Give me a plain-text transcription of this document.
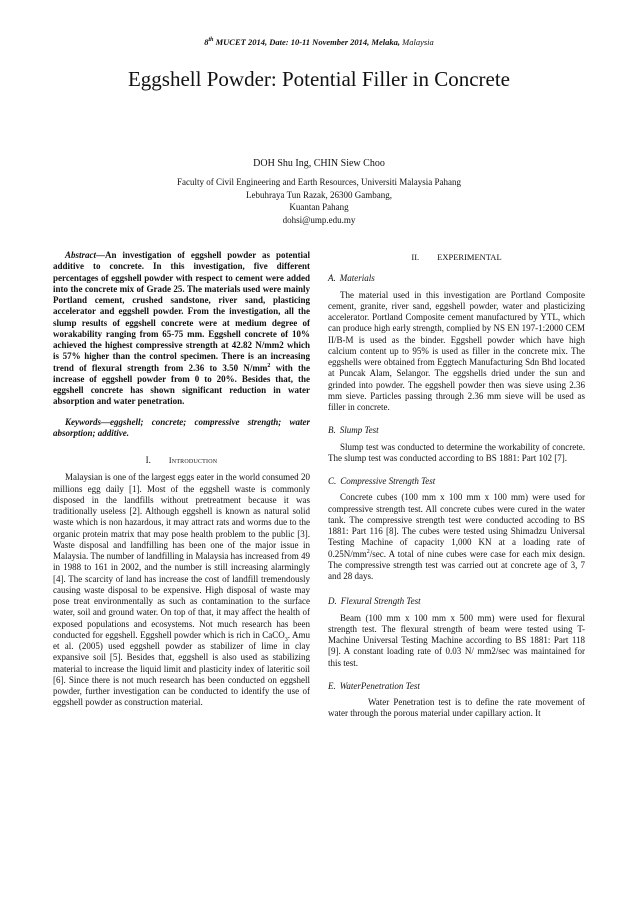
8th MUCET 2014, Date: 10-11 November 2014, Melaka, Malaysia
Eggshell Powder: Potential Filler in Concrete
DOH Shu Ing, CHIN Siew Choo
Faculty of Civil Engineering and Earth Resources, Universiti Malaysia Pahang
Lebuhraya Tun Razak, 26300 Gambang,
Kuantan Pahang
dohsi@ump.edu.my

Abstract—An investigation of eggshell powder as potential additive to concrete. In this investigation, five different percentages of eggshell powder with respect to cement were added into the concrete mix of Grade 25. The materials used were mainly Portland cement, crushed sandstone, river sand, plasticing accelerator and eggshell powder. From the investigation, all the slump results of eggshell concrete were at medium degree of worakability ranging from 65-75 mm. Eggshell concrete of 10% achieved the highest compressive strength at 42.82 N/mm2 which is 57% higher than the control specimen. There is an increasing trend of flexural strength from 2.36 to 3.50 $N/mm^2$ with the increase of eggshell powder from 0 to 20%. Besides that, the eggshell concrete has shown significant reduction in water absorption and water penetration.

Keywords—eggshell; concrete; compressive strength; water absorption; additive.

I. Introduction

Malaysian is one of the largest eggs eater in the world consumed 20 millions egg daily [1]. Most of the eggshell waste is commonly disposed in the landfills without pretreatment because it was traditionally useless [2]. Although eggshell is known as natural solid waste which is non hazardous, it may attract rats and worms due to the organic protein matrix that may pose health problem to the public [3]. Waste disposal and landfilling has been one of the major issue in Malaysia. The number of landfilling in Malaysia has increased from 49 in 1988 to 161 in 2002, and the number is still increasing alarmingly [4]. The scarcity of land has increase the cost of landfill tremendously causing waste disposal to be expensive. High disposal of waste may pose treat environmentally as such as contamination to the surface water, soil and ground water. On top of that, it may affect the health of exposed populations and ecosystems. Not much research has been conducted for eggshell. Eggshell powder which is rich in CaCO$_3$. Amu et al. (2005) used eggshell powder as stabilizer of lime in clay expansive soil [5]. Besides that, eggshell is also used as stabilizing material to increase the liquid limit and plasticity index of lateritic soil [6]. Since there is not much research has been conducted on eggshell powder, further investigation can be conducted to identify the use of eggshell powder as construction material.

II. EXPERIMENTAL
A. Materials

The material used in this investigation are Portland Composite cement, granite, river sand, eggshell powder, water and plasticizing accelerator. Portland Composite cement manufactured by YTL, which can produce high early strength, complied by NS EN 197-1:2000 CEM II/B-M is used as the binder. Eggshell powder which have high calcium content up to 95% is used as filler in the concrete mix. The eggshells were obtained from Eggtech Manufacturing Sdn Bhd located at Puncak Alam, Selangor. The eggshells dried under the sun and grinded into powder. The eggshell powder then was sieve using 2.36 mm sieve. Particles passing through 2.36 mm sieve will be used as filler in concrete.

B. Slump Test

Slump test was conducted to determine the workability of concrete. The slump test was conducted according to BS 1881: Part 102 [7].

C. Compressive Strength Test

Concrete cubes (100 mm x 100 mm x 100 mm) were used for compressive strength test. All concrete cubes were cured in the water tank. The compressive strength test were conducted accoding to BS 1881: Part 116 [8]. The cubes were tested using Shimadzu Universal Testing Machine of capacity 1,000 KN at a loading rate of $0.25N/mm^2/\sec$. A total of nine cubes were case for each mix design. The compressive strength test was carried out at concrete age of 3, 7 and 28 days.

D. Flexural Strength Test

Beam (100 mm x 100 mm x 500 mm) were used for flexural strength test. The flexural strength of beam were tested using T-Machine Universal Testing Machine according to BS 1881: Part 118 [9]. A constant loading rate of 0.03 N/ mm2/sec was maintained for this test.

E. WaterPenetration Test

Water Penetration test is to define the rate movement of water through the porous material under capillary action. It
